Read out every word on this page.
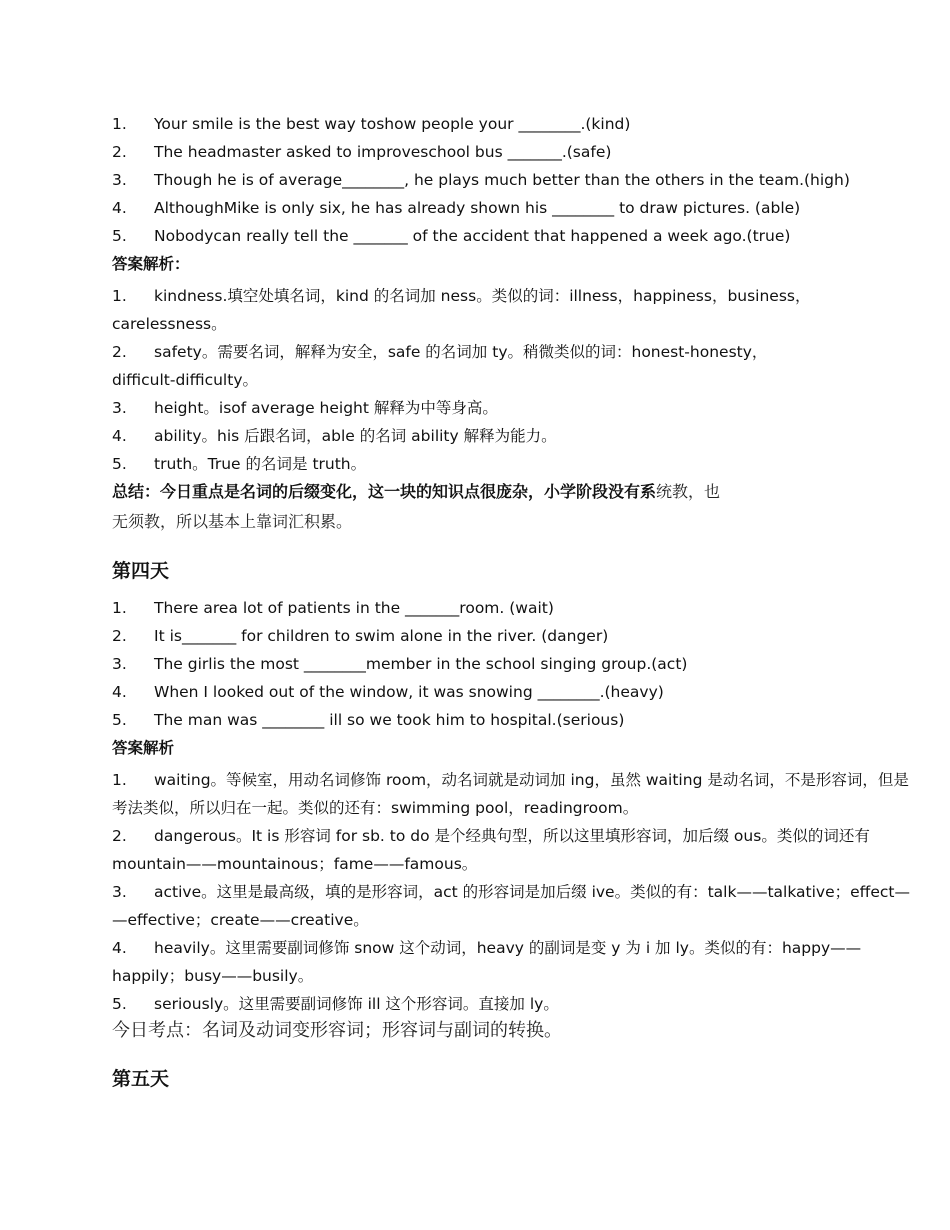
1. Your smile is the best way toshow people your ________.(kind)
2. The headmaster asked to improveschool bus _______.(safe)
3. Though he is of average________, he plays much better than the others in the team.(high)
4. AlthoughMike is only six, he has already shown his ________ to draw pictures. (able)
5. Nobodycan really tell the _______ of the accident that happened a week ago.(true)
答案解析：
1. kindness.填空处填名词，kind 的名词加 ness。类似的词：illness，happiness，business，
carelessness。
2. safety。需要名词，解释为安全，safe 的名词加 ty。稍微类似的词：honest-honesty，
difficult-difficulty。
3. height。isof average height 解释为中等身高。
4. ability。his 后跟名词，able 的名词 ability 解释为能力。
5. truth。True 的名词是 truth。
总结：今日重点是名词的后缀变化，这一块的知识点很庞杂，小学阶段没有系统教，也
无须教，所以基本上靠词汇积累。
第四天
1. There area lot of patients in the _______room. (wait)
2. It is_______ for children to swim alone in the river. (danger)
3. The girlis the most ________member in the school singing group.(act)
4. When I looked out of the window, it was snowing ________.(heavy)
5. The man was ________ ill so we took him to hospital.(serious)
答案解析
1. waiting。等候室，用动名词修饰 room，动名词就是动词加 ing，虽然 waiting 是动名词，不是形容词，但是
考法类似，所以归在一起。类似的还有：swimming pool，readingroom。
2. dangerous。It is 形容词 for sb. to do 是个经典句型，所以这里填形容词，加后缀 ous。类似的词还有
mountain——mountainous；fame——famous。
3. active。这里是最高级，填的是形容词，act 的形容词是加后缀 ive。类似的有：talk——talkative；effect—
—effective；create——creative。
4. heavily。这里需要副词修饰 snow 这个动词，heavy 的副词是变 y 为 i 加 ly。类似的有：happy——
happily；busy——busily。
5. seriously。这里需要副词修饰 ill 这个形容词。直接加 ly。
今日考点：名词及动词变形容词；形容词与副词的转换。
第五天
